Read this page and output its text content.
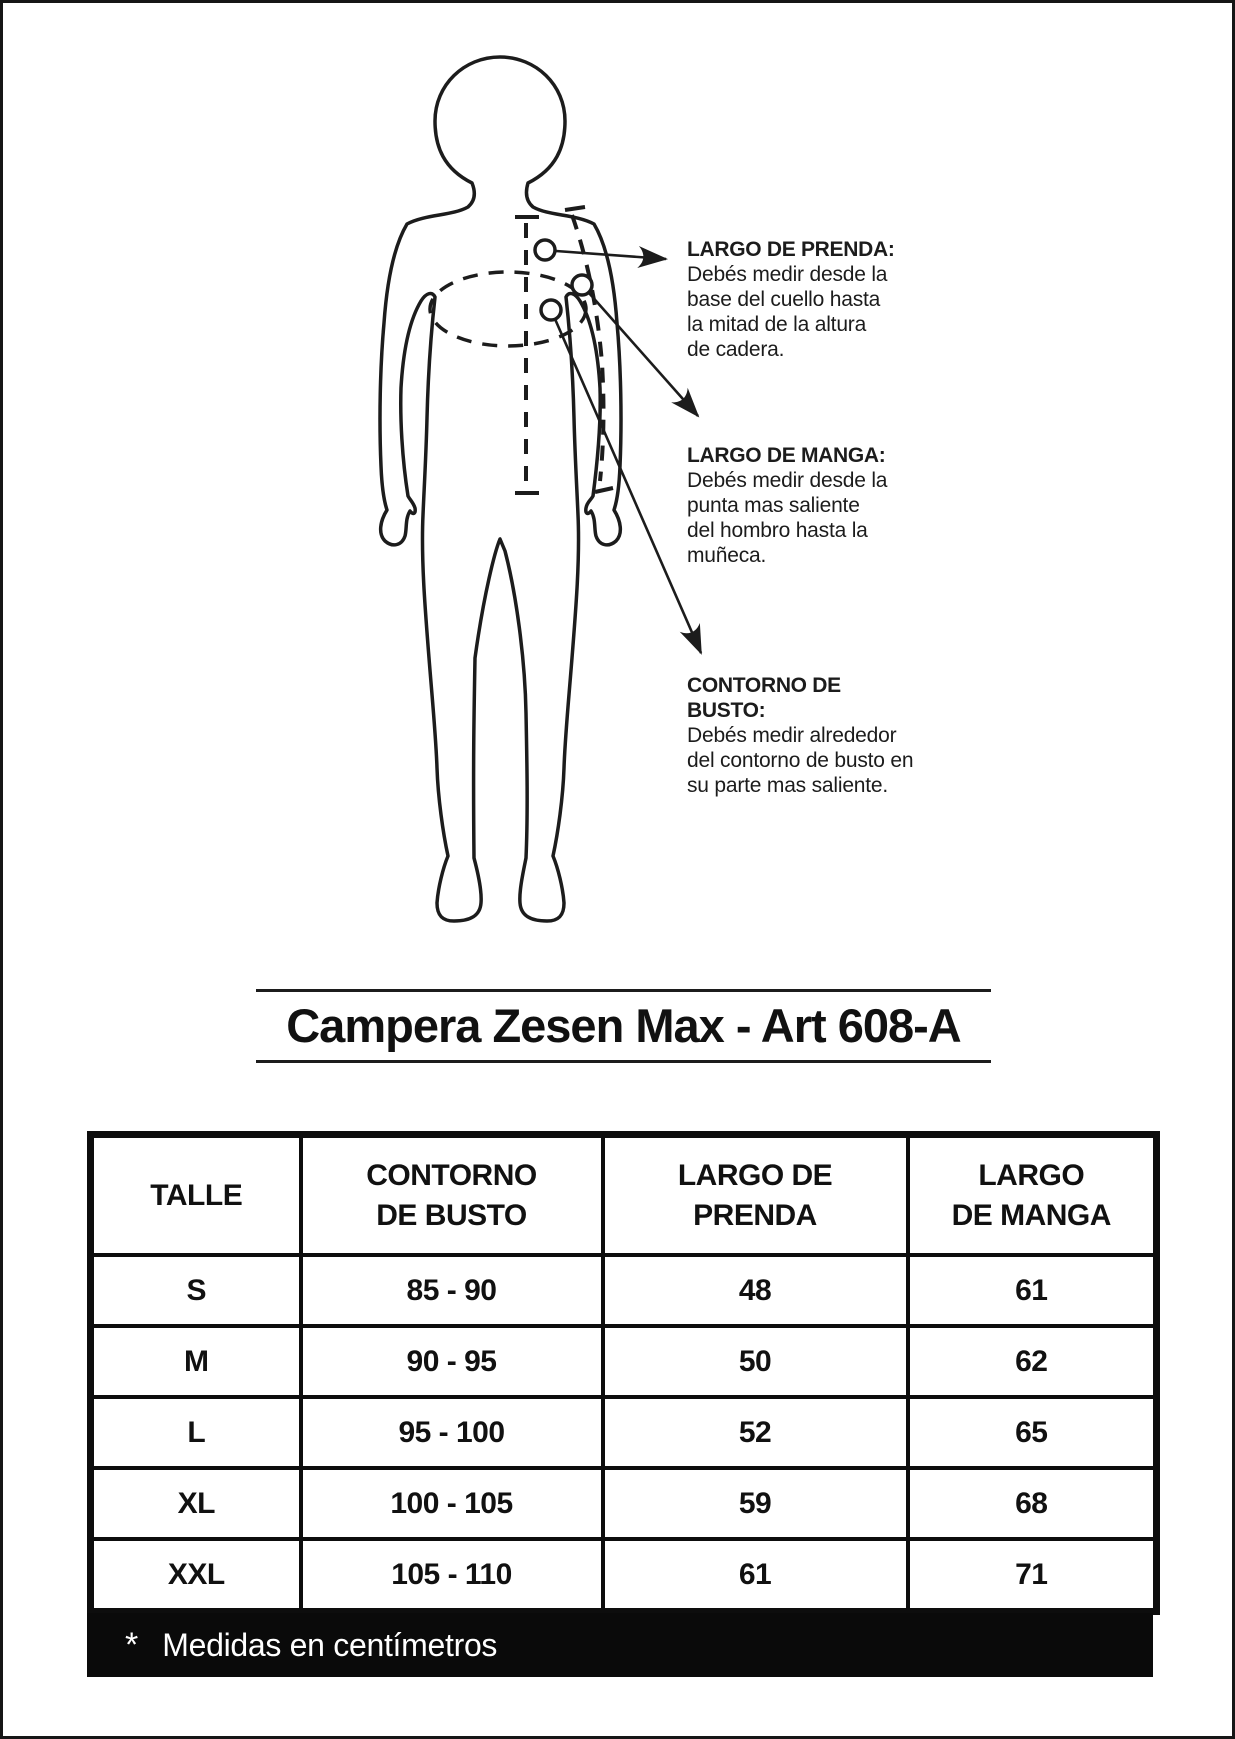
LARGO DE PRENDA:
Debés medir desde la
base del cuello hasta
la mitad de la altura
de cadera.
LARGO DE MANGA:
Debés medir desde la
punta mas saliente
del hombro hasta la
muñeca.
CONTORNO DE BUSTO:
Debés medir alrededor
del contorno de busto en
su parte mas saliente.
Campera Zesen Max - Art 608-A
TALLE

CONTORNO
DE BUSTO

LARGO DE
PRENDA

LARGO
DE MANGA

S	85 - 90	48	61
M	90 - 95	50	62
L	95 - 100	52	65
XL	100 - 105	59	68
XXL	105 - 110	61	71
* Medidas en centímetros
